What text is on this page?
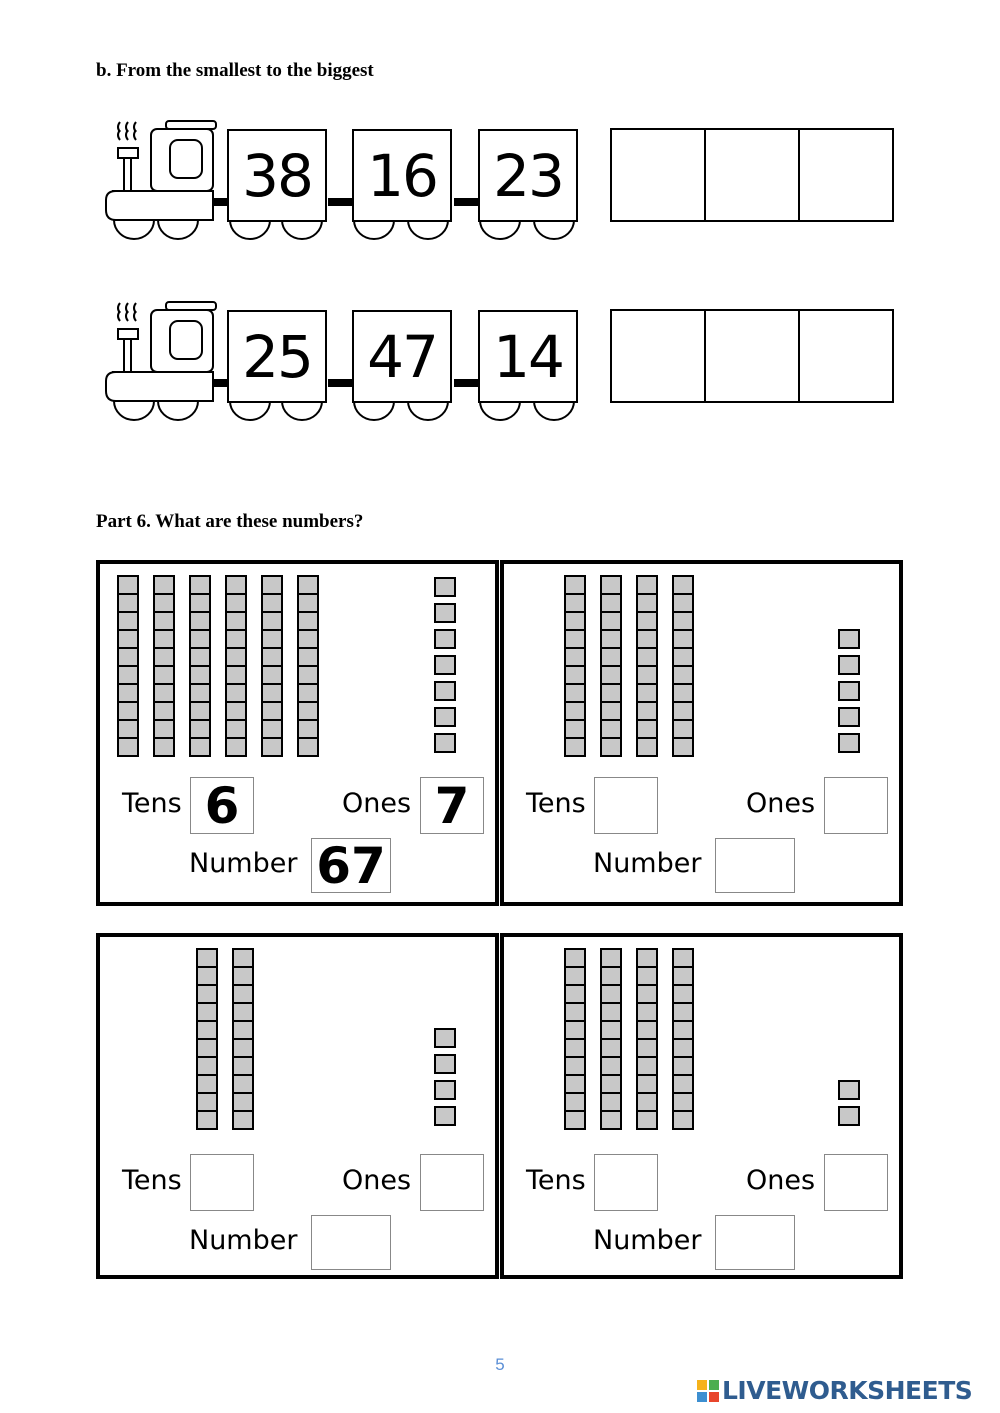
b. From the smallest to the biggest
38 16 23
25 47 14
Part 6. What are these numbers?
Tens 6	Ones 7
Number 67
Tens	Ones
Number
Tens	Ones
Number
Tens	Ones
Number
5
LIVEWORKSHEETS
